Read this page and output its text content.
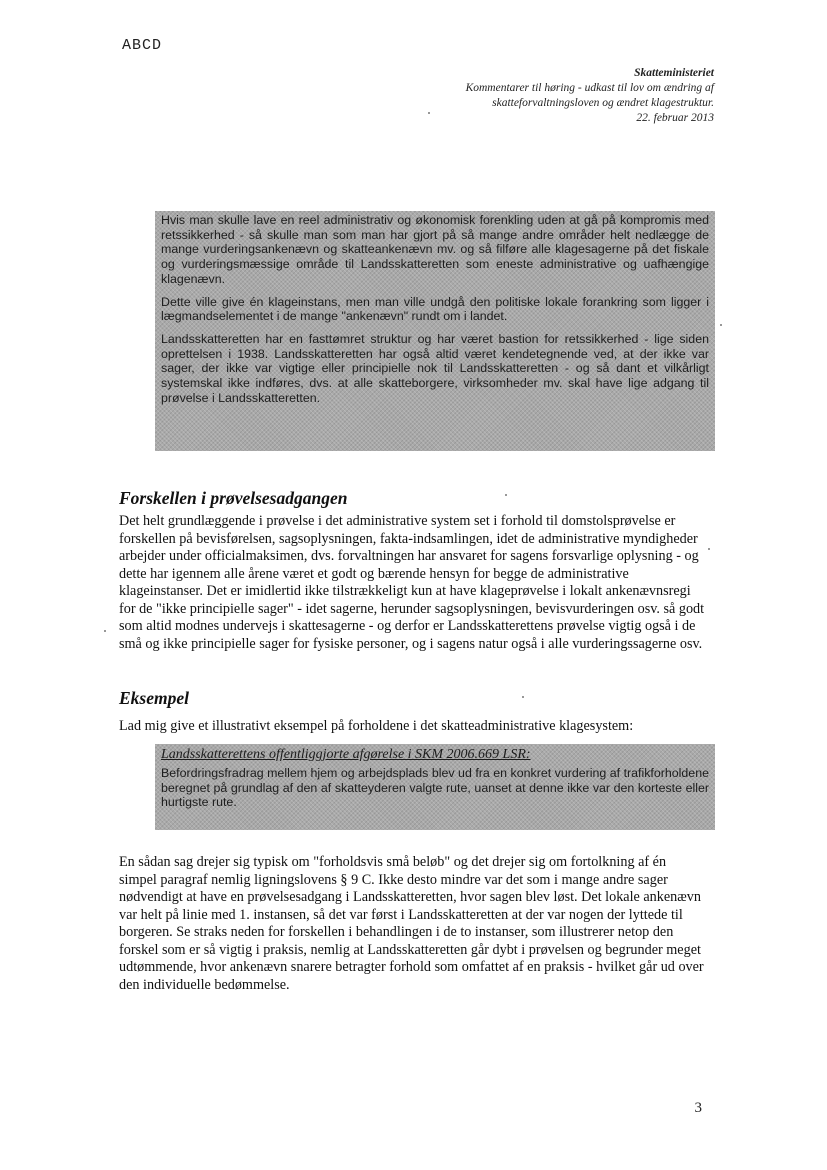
ABCD
Skatteministeriet
Kommentarer til høring - udkast til lov om ændring af
skatteforvaltningsloven og ændret klagestruktur.
22. februar 2013

Hvis man skulle lave en reel administrativ og økonomisk forenkling uden at gå på kompromis med retssikkerhed - så skulle man som man har gjort på så mange andre områder helt nedlægge de mange vurderingsankenævn og skatteankenævn mv. og så filføre alle klagesagerne på det fiskale og vurderingsmæssige område til Landsskatteretten som eneste administrative og uafhængige klagenævn.

Dette ville give én klageinstans, men man ville undgå den politiske lokale forankring som ligger i lægmandselementet i de mange "ankenævn" rundt om i landet.

Landsskatteretten har en fasttømret struktur og har været bastion for retssikkerhed - lige siden oprettelsen i 1938. Landsskatteretten har også altid været kendetegnende ved, at der ikke var sager, der ikke var vigtige eller principielle nok til Landsskatteretten - og så dant et vilkårligt systemskal ikke indføres, dvs. at alle skatteborgere, virksomheder mv. skal have lige adgang til prøvelse i Landsskatteretten.

Forskellen i prøvelsesadgangen

Det helt grundlæggende i prøvelse i det administrative system set i forhold til domstolsprøvelse er forskellen på bevisførelsen, sagsoplysningen, fakta-indsamlingen, idet de administrative myndigheder arbejder under officialmaksimen, dvs. forvaltningen har ansvaret for sagens forsvarlige oplysning - og dette har igennem alle årene været et godt og bærende hensyn for begge de administrative klageinstanser. Det er imidlertid ikke tilstrækkeligt kun at have klageprøvelse i lokalt ankenævnsregi for de "ikke principielle sager" - idet sagerne, herunder sagsoplysningen, bevisvurderingen osv. så godt som altid modnes undervejs i skattesagerne - og derfor er Landsskatterettens prøvelse vigtig også i de små og ikke principielle sager for fysiske personer, og i sagens natur også i alle vurderingssagerne osv.

Eksempel

Lad mig give et illustrativt eksempel på forholdene i det skatteadministrative klagesystem:

Landsskatterettens offentliggjorte afgørelse i SKM 2006.669 LSR:

Befordringsfradrag mellem hjem og arbejdsplads blev ud fra en konkret vurdering af trafikforholdene beregnet på grundlag af den af skatteyderen valgte rute, uanset at denne ikke var den korteste eller hurtigste rute.

En sådan sag drejer sig typisk om "forholdsvis små beløb" og det drejer sig om fortolkning af én simpel paragraf nemlig ligningslovens § 9 C. Ikke desto mindre var det som i mange andre sager nødvendigt at have en prøvelsesadgang i Landsskatteretten, hvor sagen blev løst. Det lokale ankenævn var helt på linie med 1. instansen, så det var først i Landsskatteretten at der var nogen der lyttede til borgeren. Se straks neden for forskellen i behandlingen i de to instanser, som illustrerer netop den forskel som er så vigtig i praksis, nemlig at Landsskatteretten går dybt i prøvelsen og begrunder meget udtømmende, hvor ankenævn snarere betragter forhold som omfattet af en praksis - hvilket går ud over den individuelle bedømmelse.

3
